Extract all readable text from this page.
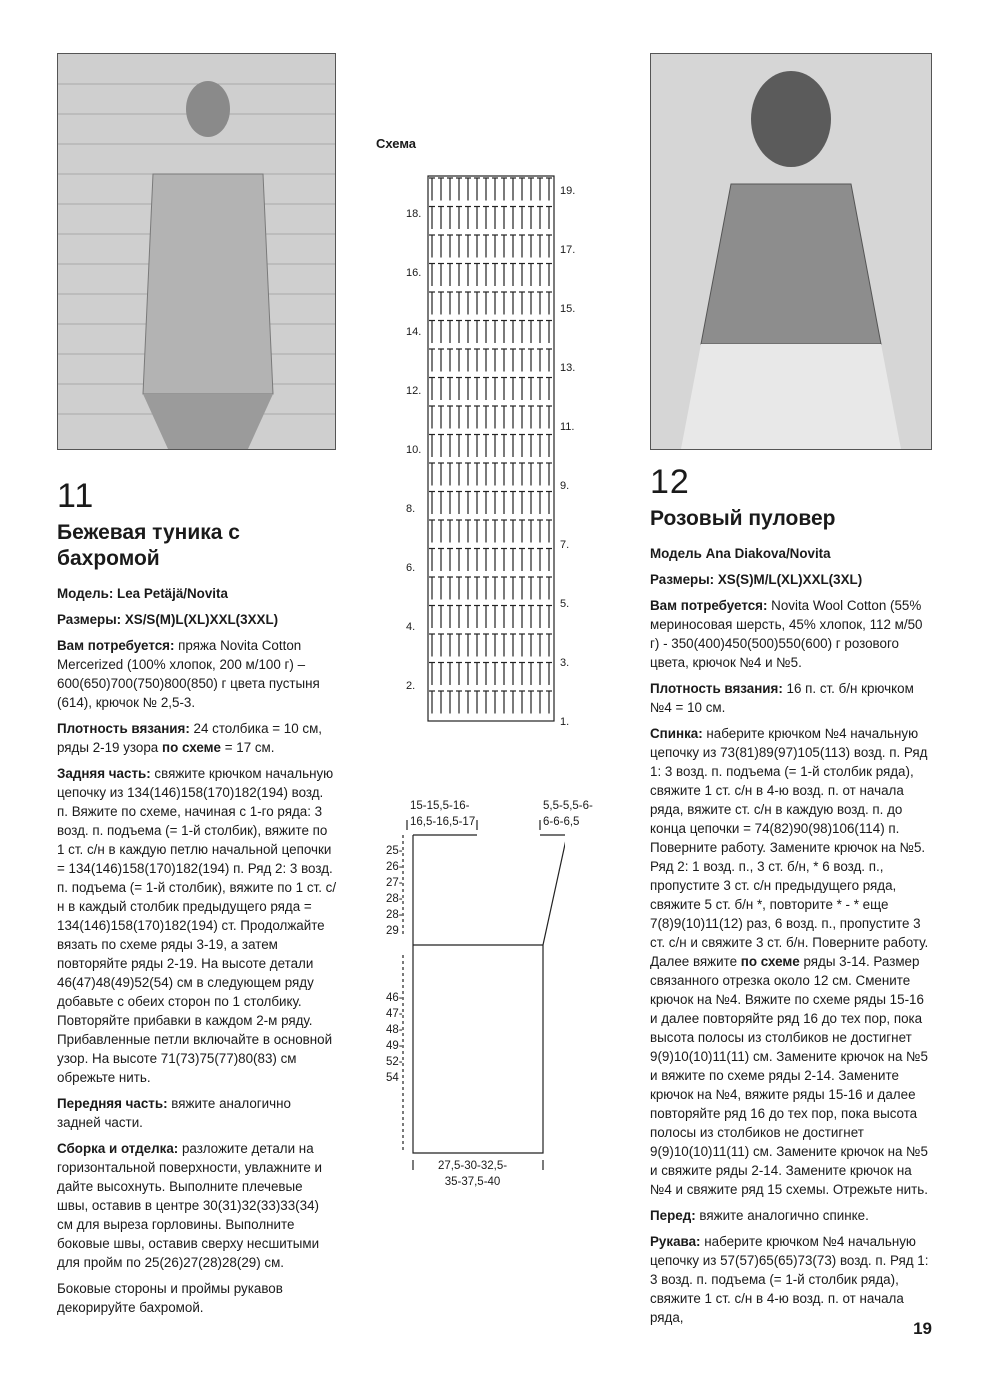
11
Бежевая туника с бахромой

Модель: Lea Petäjä/Novita

Размеры: XS/S(M)L(XL)XXL(3XXL)

Вам потребуется: пряжа Novita Cotton Mercerized (100% хлопок, 200 м/100 г) – 600(650)700(750)800(850) г цвета пустыня (614), крючок № 2,5-3.

Плотность вязания: 24 столбика = 10 см, ряды 2-19 узора по схеме = 17 см.

Задняя часть: свяжите крючком начальную цепочку из 134(146)158(170)182(194) возд. п. Вяжите по схеме, начиная с 1-го ряда: 3 возд. п. подъема (= 1-й столбик), вяжите по 1 ст. с/н в каждую петлю начальной цепочки = 134(146)158(170)182(194) п. Ряд 2: 3 возд. п. подъема (= 1-й столбик), вяжите по 1 ст. с/н в каждый столбик предыдущего ряда = 134(146)158(170)182(194) ст. Продолжайте вязать по схеме ряды 3-19, а затем повторяйте ряды 2-19. На высоте детали 46(47)48(49)52(54) см в следующем ряду добавьте с обеих сторон по 1 столбику. Повторяйте прибавки в каждом 2-м ряду. Прибавленные петли включайте в основной узор. На высоте 71(73)75(77)80(83) см обрежьте нить.

Передняя часть: вяжите аналогично задней части.

Сборка и отделка: разложите детали на горизонтальной поверхности, увлажните и дайте высохнуть. Выполните плечевые швы, оставив в центре 30(31)32(33)33(34) см для выреза горловины. Выполните боковые швы, оставив сверху несшитыми для пройм по 25(26)27(28)28(29) см.

Боковые стороны и проймы рукавов декорируйте бахромой.

Схема
18.
16.
14.
12.
10.
8.
6.
4.
2.
19.
17.
15.
13.
11.
9.
7.
5.
3.
1.
15-15,5-16-
16,5-16,5-17
5,5-5,5-6-
6-6-6,5
25-
26-
27-
28-
28-
29
46-
47-
48-
49-
52-
54
27,5-30-32,5-
35-37,5-40
12
Розовый пуловер

Модель Ana Diakova/Novita

Размеры: XS(S)M/L(XL)XXL(3XL)

Вам потребуется: Novita Wool Cotton (55% мериносовая шерсть, 45% хлопок, 112 м/50 г) - 350(400)450(500)550(600) г розового цвета, крючок №4 и №5.

Плотность вязания: 16 п. ст. б/н крючком №4 = 10 см.

Спинка: наберите крючком №4 начальную цепочку из 73(81)89(97)105(113) возд. п. Ряд 1: 3 возд. п. подъема (= 1-й столбик ряда), свяжите 1 ст. с/н в 4-ю возд. п. от начала ряда, вяжите ст. с/н в каждую возд. п. до конца цепочки = 74(82)90(98)106(114) п. Поверните работу. Замените крючок на №5. Ряд 2: 1 возд. п., 3 ст. б/н, * 6 возд. п., пропустите 3 ст. с/н предыдущего ряда, свяжите 5 ст. б/н *, повторите * - * еще 7(8)9(10)11(12) раз, 6 возд. п., пропустите 3 ст. с/н и свяжите 3 ст. б/н. Поверните работу. Далее вяжите по схеме ряды 3-14. Размер связанного отрезка около 12 см. Смените крючок на №4. Вяжите по схеме ряды 15-16 и далее повторяйте ряд 16 до тех пор, пока высота полосы из столбиков не достигнет 9(9)10(10)11(11) см. Замените крючок на №5 и вяжите по схеме ряды 2-14. Замените крючок на №4, вяжите ряды 15-16 и далее повторяйте ряд 16 до тех пор, пока высота полосы из столбиков не достигнет 9(9)10(10)11(11) см. Замените крючок на №5 и свяжите ряды 2-14. Замените крючок на №4 и свяжите ряд 15 схемы. Отрежьте нить.

Перед: вяжите аналогично спинке.

Рукава: наберите крючком №4 начальную цепочку из 57(57)65(65)73(73) возд. п. Ряд 1: 3 возд. п. подъема (= 1-й столбик ряда), свяжите 1 ст. с/н в 4-ю возд. п. от начала ряда,

19
